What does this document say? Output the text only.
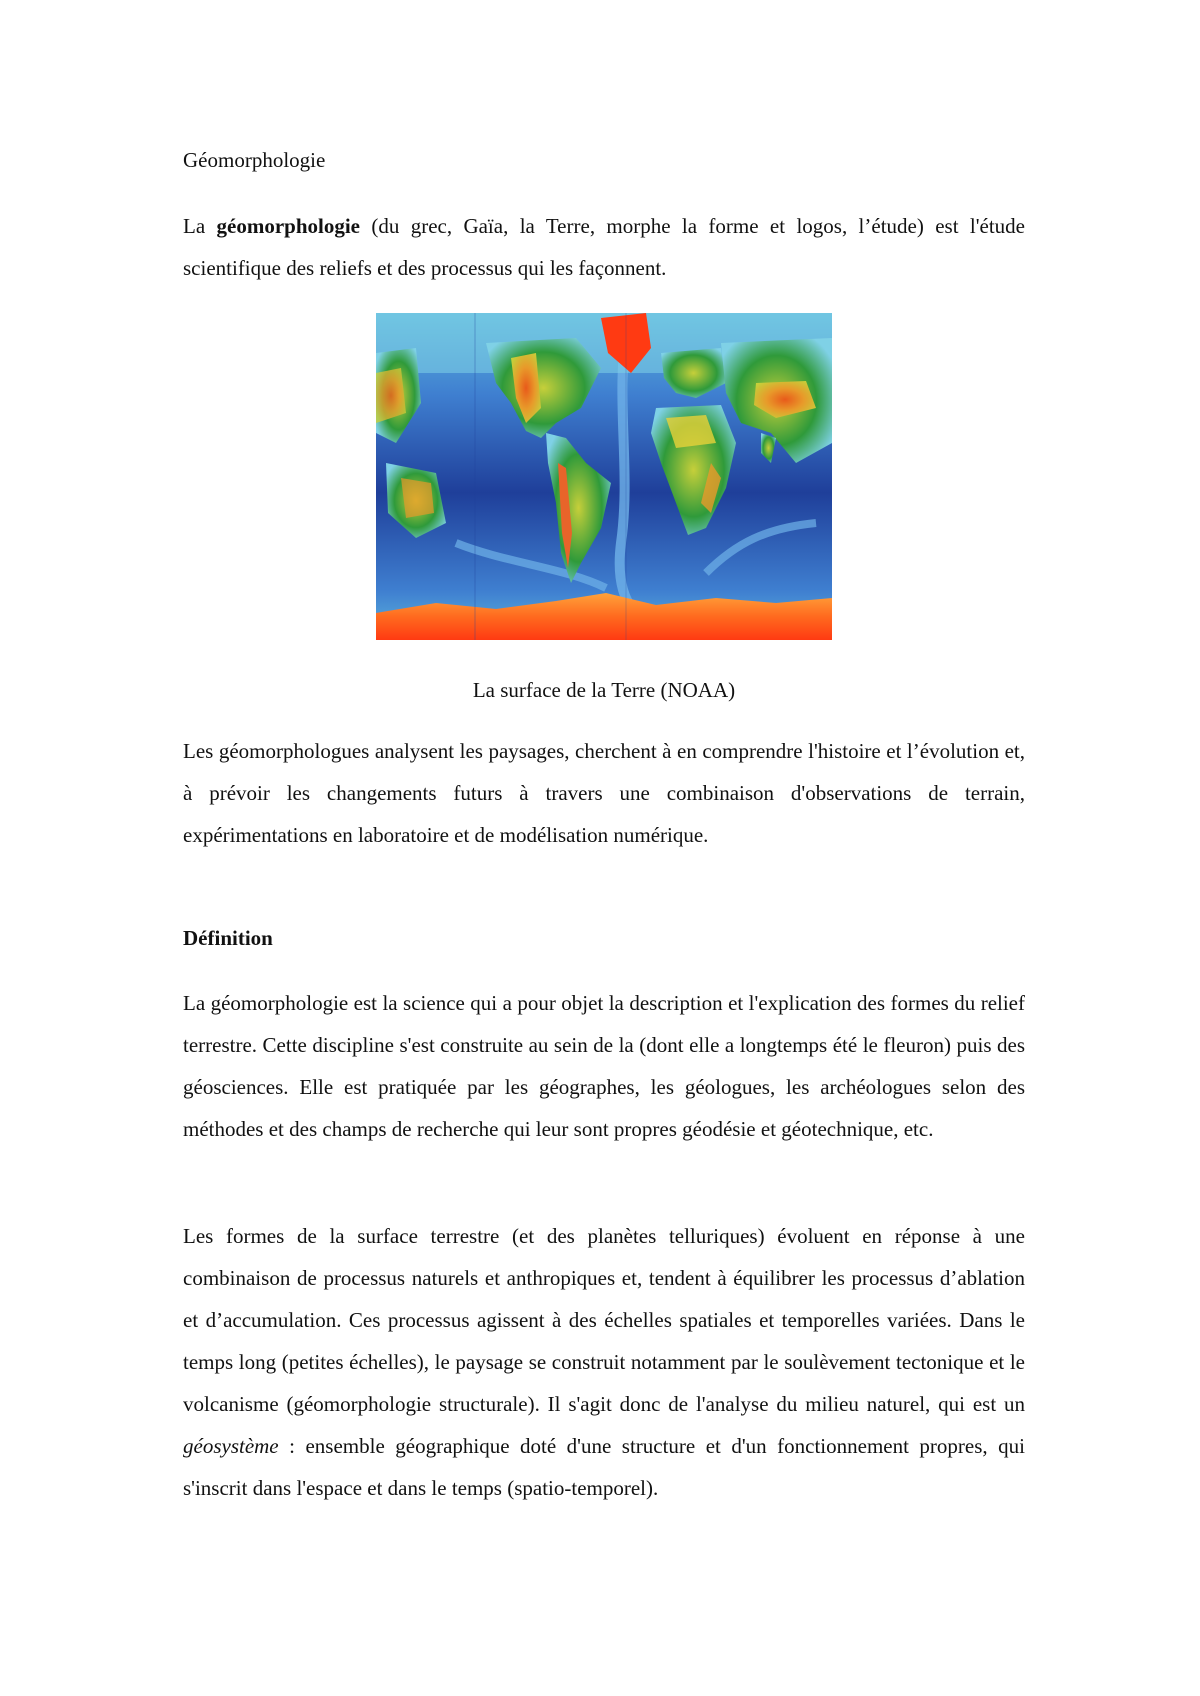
Géomorphologie

La géomorphologie (du grec, Gaïa, la Terre, morphe la forme et logos, l’étude) est l'étude scientifique des reliefs et des processus qui les façonnent.

La surface de la Terre (NOAA)

Les géomorphologues analysent les paysages, cherchent à en comprendre l'histoire et l’évolution et, à prévoir les changements futurs à travers une combinaison d'observations de terrain, expérimentations en laboratoire et de modélisation numérique.

Définition

La géomorphologie est la science qui a pour objet la description et l'explication des formes du relief terrestre. Cette discipline s'est construite au sein de la (dont elle a longtemps été le fleuron) puis des géosciences. Elle est pratiquée par les géographes, les géologues, les archéologues selon des méthodes et des champs de recherche qui leur sont propres géodésie et géotechnique, etc.

Les formes de la surface terrestre (et des planètes telluriques) évoluent en réponse à une combinaison de processus naturels et anthropiques et, tendent à équilibrer les processus d’ablation et d’accumulation. Ces processus agissent à des échelles spatiales et temporelles variées. Dans le temps long (petites échelles), le paysage se construit notamment par le soulèvement tectonique et le volcanisme (géomorphologie structurale). Il s'agit donc de l'analyse du milieu naturel, qui est un géosystème : ensemble géographique doté d'une structure et d'un fonctionnement propres, qui s'inscrit dans l'espace et dans le temps (spatio-temporel).
